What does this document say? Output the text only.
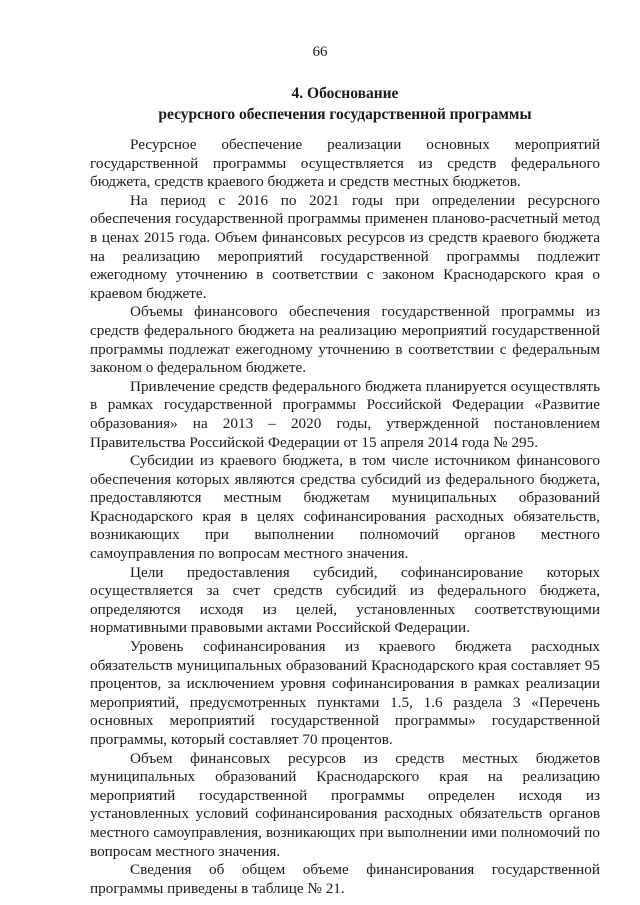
66
4. Обоснование
ресурсного обеспечения государственной программы

Ресурсное обеспечение реализации основных мероприятий государственной программы осуществляется из средств федерального бюджета, средств краевого бюджета и средств местных бюджетов.

На период с 2016 по 2021 годы при определении ресурсного обеспечения государственной программы применен планово-расчетный метод в ценах 2015 года. Объем финансовых ресурсов из средств краевого бюджета на реализацию мероприятий государственной программы подлежит ежегодному уточнению в соответствии с законом Краснодарского края о краевом бюджете.

Объемы финансового обеспечения государственной программы из средств федерального бюджета на реализацию мероприятий государственной программы подлежат ежегодному уточнению в соответствии с федеральным законом о федеральном бюджете.

Привлечение средств федерального бюджета планируется осуществлять в рамках государственной программы Российской Федерации «Развитие образования» на 2013 – 2020 годы, утвержденной постановлением Правительства Российской Федерации от 15 апреля 2014 года № 295.

Субсидии из краевого бюджета, в том числе источником финансового обеспечения которых являются средства субсидий из федерального бюджета, предоставляются местным бюджетам муниципальных образований Краснодарского края в целях софинансирования расходных обязательств, возникающих при выполнении полномочий органов местного самоуправления по вопросам местного значения.

Цели предоставления субсидий, софинансирование которых осуществляется за счет средств субсидий из федерального бюджета, определяются исходя из целей, установленных соответствующими нормативными правовыми актами Российской Федерации.

Уровень софинансирования из краевого бюджета расходных обязательств муниципальных образований Краснодарского края составляет 95 процентов, за исключением уровня софинансирования в рамках реализации мероприятий, предусмотренных пунктами 1.5, 1.6 раздела 3 «Перечень основных мероприятий государственной программы» государственной программы, который составляет 70 процентов.

Объем финансовых ресурсов из средств местных бюджетов муниципальных образований Краснодарского края на реализацию мероприятий государственной программы определен исходя из установленных условий софинансирования расходных обязательств органов местного самоуправления, возникающих при выполнении ими полномочий по вопросам местного значения.

Сведения об общем объеме финансирования государственной программы приведены в таблице № 21.
